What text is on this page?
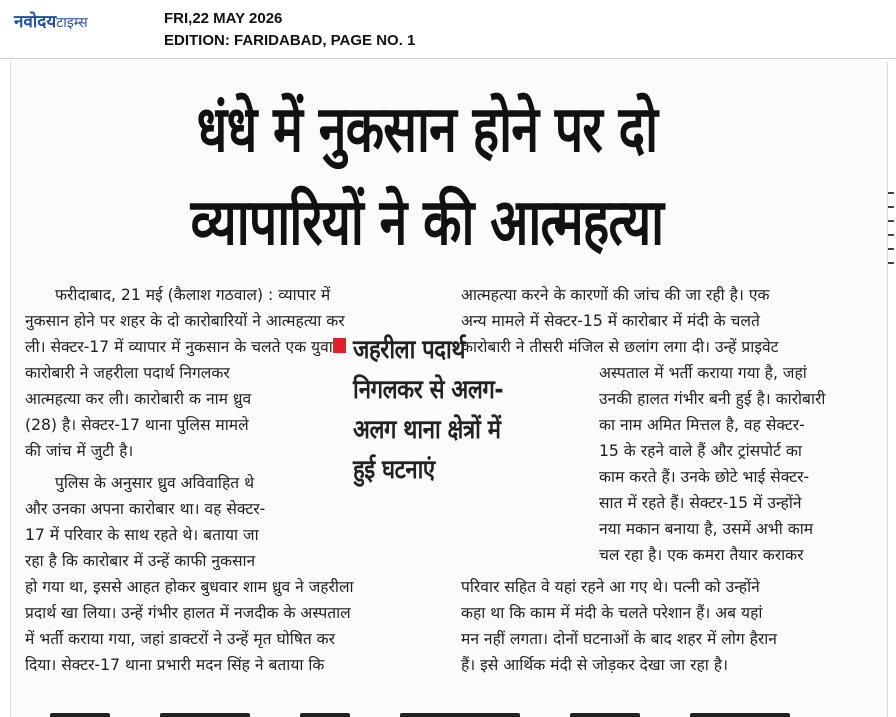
नवोदयटाइम्स	FRI,22 MAY 2026
EDITION: FARIDABAD, PAGE NO. 1
धंधे में नुकसान होने पर दो
व्यापारियों ने की आत्महत्या
फरीदाबाद, 21 मई (कैलाश गठवाल) : व्यापार में
नुकसान होने पर शहर के दो कारोबारियों ने आत्महत्या कर
ली। सेक्टर-17 में व्यापार में नुकसान के चलते एक युवा
कारोबारी ने जहरीला पदार्थ निगलकर
आत्महत्या कर ली। कारोबारी क नाम ध्रुव
(28) है। सेक्टर-17 थाना पुलिस मामले
की जांच में जुटी है।
पुलिस के अनुसार ध्रुव अविवाहित थे
और उनका अपना कारोबार था। वह सेक्टर-
17 में परिवार के साथ रहते थे। बताया जा
रहा है कि कारोबार में उन्हें काफी नुकसान
हो गया था, इससे आहत होकर बुधवार शाम ध्रुव ने जहरीला
प्रदार्थ खा लिया। उन्हें गंभीर हालत में नजदीक के अस्पताल
में भर्ती कराया गया, जहां डाक्टरों ने उन्हें मृत घोषित कर
दिया। सेक्टर-17 थाना प्रभारी मदन सिंह ने बताया कि
आत्महत्या करने के कारणों की जांच की जा रही है। एक
अन्य मामले में सेक्टर-15 में कारोबार में मंदी के चलते
कारोबारी ने तीसरी मंजिल से छलांग लगा दी। उन्हें प्राइवेट
अस्पताल में भर्ती कराया गया है, जहां
उनकी हालत गंभीर बनी हुई है। कारोबारी
का नाम अमित मित्तल है, वह सेक्टर-
15 के रहने वाले हैं और ट्रांसपोर्ट का
काम करते हैं। उनके छोटे भाई सेक्टर-
सात में रहते हैं। सेक्टर-15 में उन्होंने
नया मकान बनाया है, उसमें अभी काम
चल रहा है। एक कमरा तैयार कराकर
परिवार सहित वे यहां रहने आ गए थे। पत्नी को उन्होंने
कहा था कि काम में मंदी के चलते परेशान हैं। अब यहां
मन नहीं लगता। दोनों घटनाओं के बाद शहर में लोग हैरान
हैं। इसे आर्थिक मंदी से जोड़कर देखा जा रहा है।
जहरीला पदार्थ
निगलकर से अलग-
अलग थाना क्षेत्रों में
हुई घटनाएं
